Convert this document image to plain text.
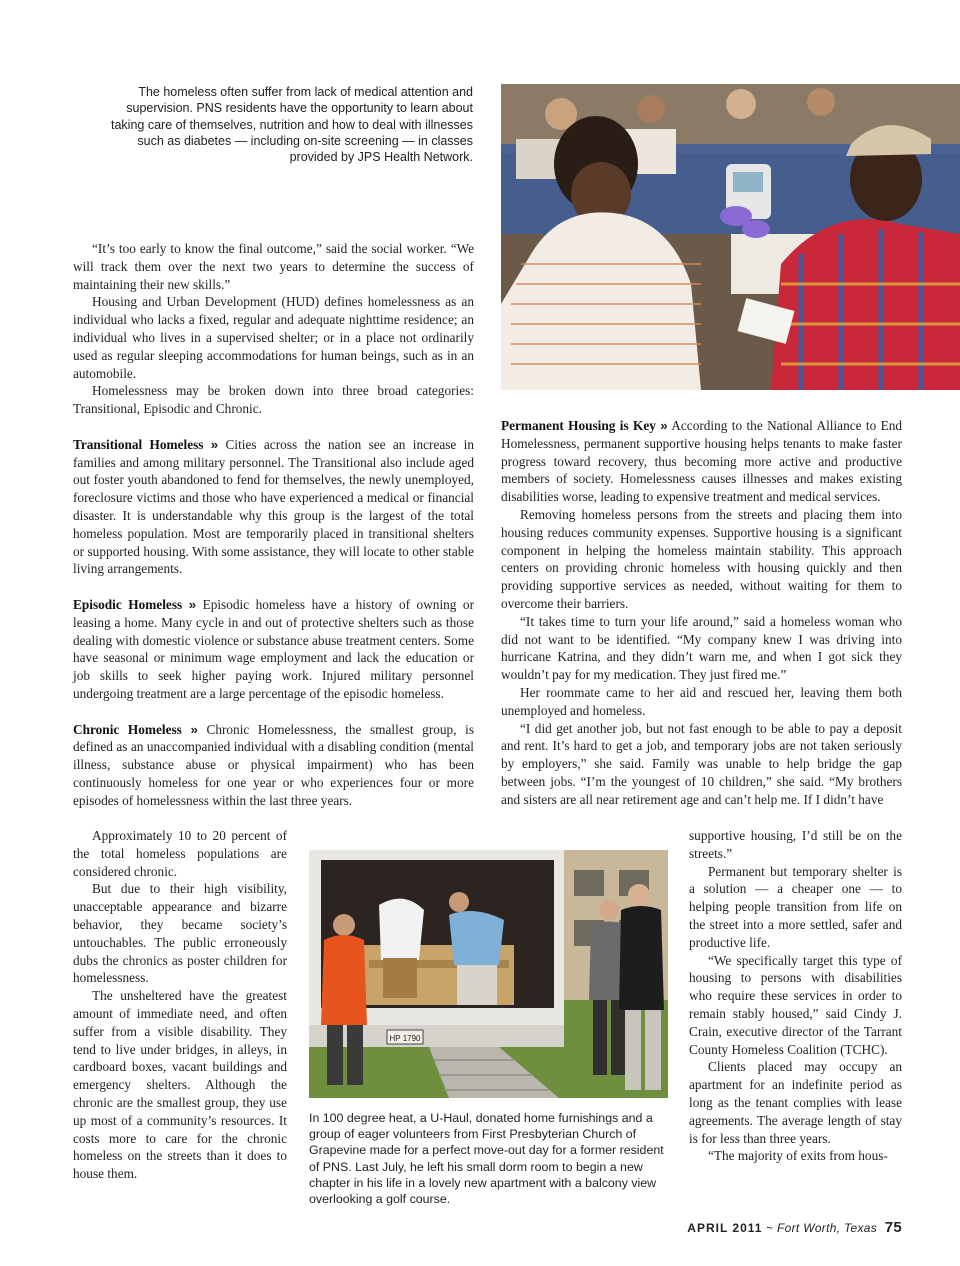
The homeless often suffer from lack of medical attention and supervision. PNS residents have the opportunity to learn about taking care of themselves, nutrition and how to deal with illnesses such as diabetes — including on-site screening — in classes provided by JPS Health Network.

“It’s too early to know the final outcome,” said the social worker. “We will track them over the next two years to determine the success of maintaining their new skills.”

Housing and Urban Development (HUD) defines homelessness as an individual who lacks a fixed, regular and adequate nighttime residence; an individual who lives in a supervised shelter; or in a place not ordinarily used as regular sleeping accommodations for human beings, such as in an automobile.

Homelessness may be broken down into three broad categories: Transitional, Episodic and Chronic.

Transitional Homeless » Cities across the nation see an increase in families and among military personnel. The Transitional also include aged out foster youth abandoned to fend for themselves, the newly unemployed, foreclosure victims and those who have experienced a medical or financial disaster. It is understandable why this group is the largest of the total homeless population. Most are temporarily placed in transitional shelters or supported housing. With some assistance, they will locate to other stable living arrangements.

Episodic Homeless » Episodic homeless have a history of owning or leasing a home. Many cycle in and out of protective shelters such as those dealing with domestic violence or substance abuse treatment centers. Some have seasonal or minimum wage employment and lack the education or job skills to seek higher paying work. Injured military personnel undergoing treatment are a large percentage of the episodic homeless.

Chronic Homeless » Chronic Homelessness, the smallest group, is defined as an unaccompanied individual with a disabling condition (mental illness, substance abuse or physical impairment) who has been continuously homeless for one year or who experiences four or more episodes of homelessness within the last three years.

Approximately 10 to 20 percent of the total homeless populations are considered chronic.

But due to their high visibility, unacceptable appearance and bizarre behavior, they became society’s untouchables. The public erroneously dubs the chronics as poster children for homelessness.

The unsheltered have the greatest amount of immediate need, and often suffer from a visible disability. They tend to live under bridges, in alleys, in cardboard boxes, vacant buildings and emergency shelters. Although the chronic are the smallest group, they use up most of a community’s resources. It costs more to care for the chronic homeless on the streets than it does to house them.

Permanent Housing is Key » According to the National Alliance to End Homelessness, permanent supportive housing helps tenants to make faster progress toward recovery, thus becoming more active and productive members of society. Homelessness causes illnesses and makes existing disabilities worse, leading to expensive treatment and medical services.

Removing homeless persons from the streets and placing them into housing reduces community expenses. Supportive housing is a significant component in helping the homeless maintain stability. This approach centers on providing chronic homeless with housing quickly and then providing supportive services as needed, without waiting for them to overcome their barriers.

“It takes time to turn your life around,” said a homeless woman who did not want to be identified. “My company knew I was driving into hurricane Katrina, and they didn’t warn me, and when I got sick they wouldn’t pay for my medication. They just fired me.”

Her roommate came to her aid and rescued her, leaving them both unemployed and homeless.

“I did get another job, but not fast enough to be able to pay a deposit and rent. It’s hard to get a job, and temporary jobs are not taken seriously by employers,” she said. Family was unable to help bridge the gap between jobs. “I’m the youngest of 10 children,” she said. “My brothers and sisters are all near retirement age and can’t help me. If I didn’t have

HP 1790
In 100 degree heat, a U-Haul, donated home furnishings and a group of eager volunteers from First Presbyterian Church of Grapevine made for a perfect move-out day for a former resident of PNS. Last July, he left his small dorm room to begin a new chapter in his life in a lovely new apartment with a balcony view overlooking a golf course.

supportive housing, I’d still be on the streets.”

Permanent but temporary shelter is a solution — a cheaper one — to helping people transition from life on the street into a more settled, safer and productive life.

“We specifically target this type of housing to persons with disabilities who require these services in order to remain stably housed,” said Cindy J. Crain, executive director of the Tarrant County Homeless Coalition (TCHC).

Clients placed may occupy an apartment for an indefinite period as long as the tenant complies with lease agreements. The average length of stay is for less than three years.

“The majority of exits from hous-

APRIL 2011 ~ Fort Worth, Texas 75
